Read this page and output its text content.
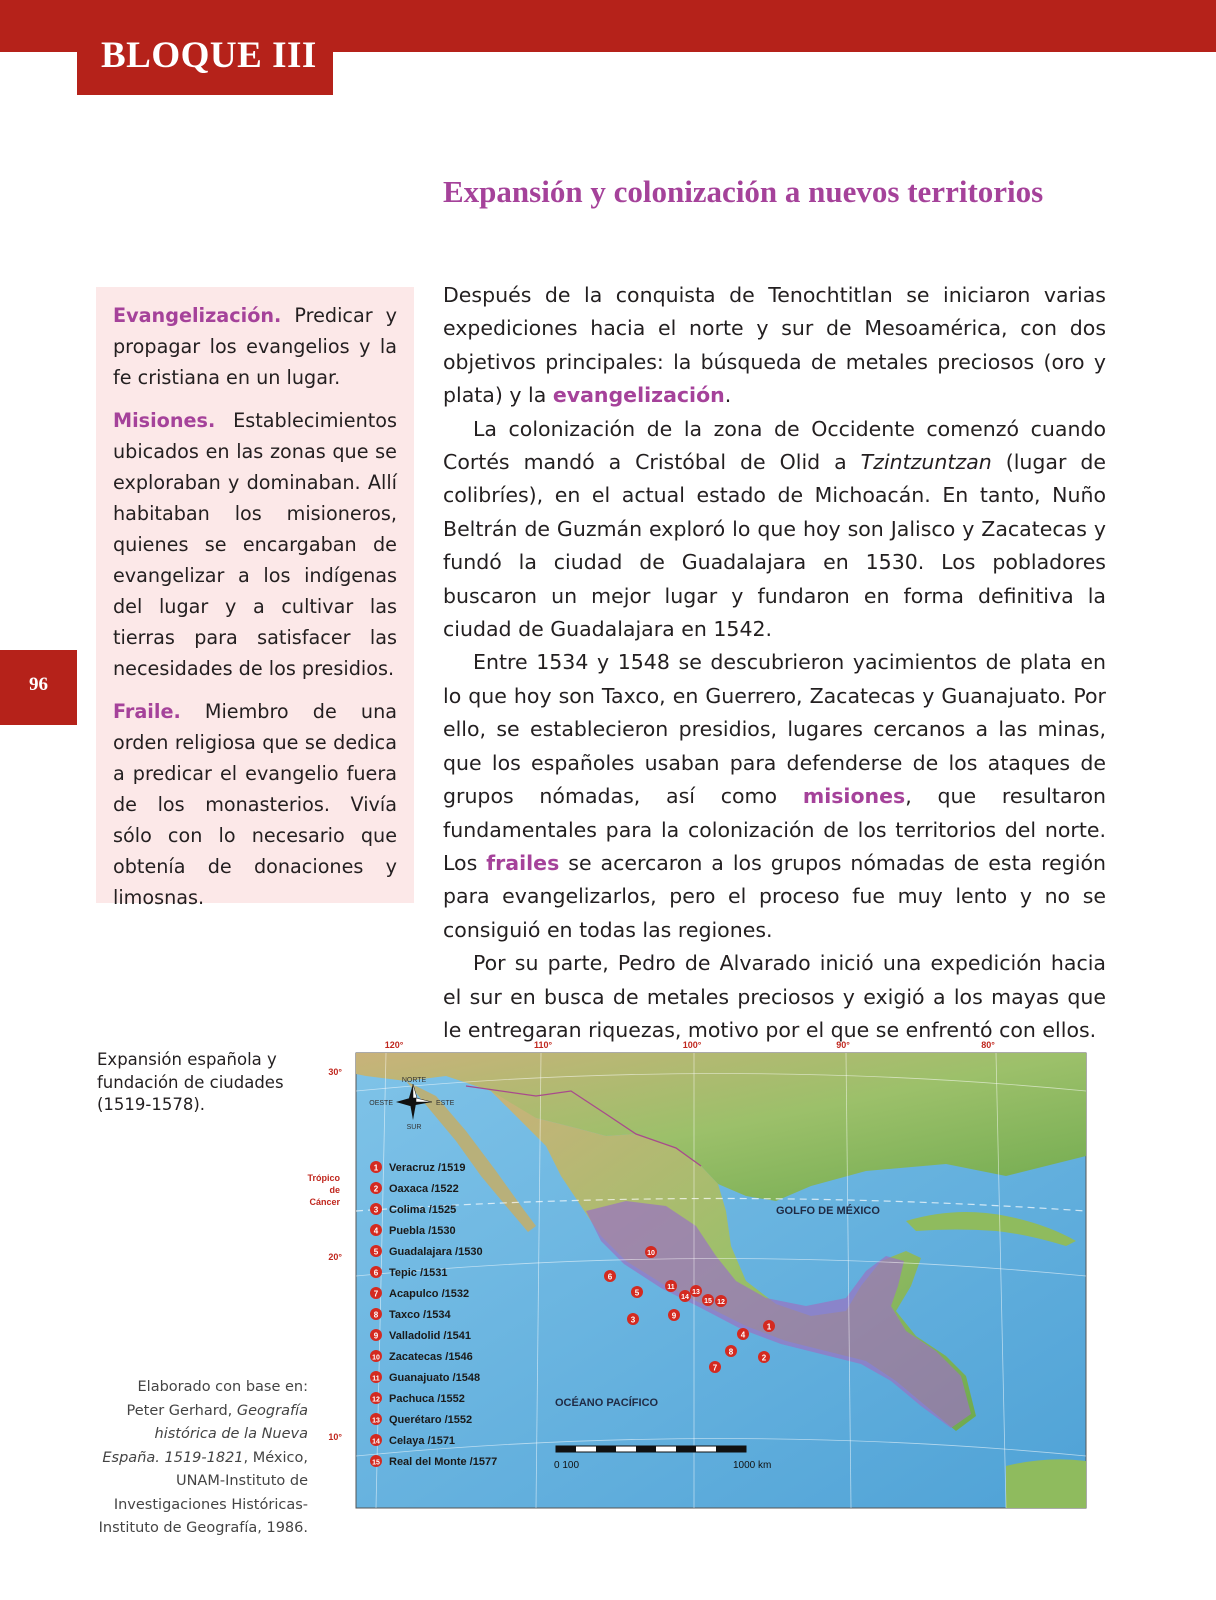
BLOQUE III
96
Expansión y colonización a nuevos territorios

Evangelización. Predicar y propagar los evangelios y la fe cristiana en un lugar.

Misiones. Establecimientos ubicados en las zonas que se exploraban y dominaban. Allí habitaban los misioneros, quienes se encargaban de evangelizar a los indígenas del lugar y a cultivar las tierras para satisfacer las necesidades de los presidios.

Fraile. Miembro de una orden religiosa que se dedica a predicar el evangelio fuera de los monasterios. Vivía sólo con lo necesario que obtenía de donaciones y limosnas.

Después de la conquista de Tenochtitlan se iniciaron varias expediciones hacia el norte y sur de Mesoamérica, con dos objetivos principales: la búsqueda de metales preciosos (oro y plata) y la evangelización.

La colonización de la zona de Occidente comenzó cuando Cortés mandó a Cristóbal de Olid a Tzintzuntzan (lugar de colibríes), en el actual estado de Michoacán. En tanto, Nuño Beltrán de Guzmán exploró lo que hoy son Jalisco y Zacatecas y fundó la ciudad de Guadalajara en 1530. Los pobladores buscaron un mejor lugar y fundaron en forma definitiva la ciudad de Guadalajara en 1542.

Entre 1534 y 1548 se descubrieron yacimientos de plata en lo que hoy son Taxco, en Guerrero, Zacatecas y Guanajuato. Por ello, se establecieron presidios, lugares cercanos a las minas, que los españoles usaban para defenderse de los ataques de grupos nómadas, así como misiones, que resultaron fundamentales para la colonización de los territorios del norte. Los frailes se acercaron a los grupos nómadas de esta región para evangelizarlos, pero el proceso fue muy lento y no se consiguió en todas las regiones.

Por su parte, Pedro de Alvarado inició una expedición hacia el sur en busca de metales preciosos y exigió a los mayas que le entregaran riquezas, motivo por el que se enfrentó con ellos.

Expansión española y fundación de ciudades (1519-1578).

Elaborado con base en: Peter Gerhard, Geografía histórica de la Nueva España. 1519-1821, México, UNAM-Instituto de Investigaciones Históricas-Instituto de Geografía, 1986.

120°	110°	100°	90°	80°
30°
20°
10°
Trópico
de
Cáncer
NORTE
SUR
ESTE
OESTE
GOLFO DE MÉXICO
OCÉANO PACÍFICO
0 100	1000 km
1 Veracruz /1519
2 Oaxaca /1522
3 Colima /1525
4 Puebla /1530
5 Guadalajara /1530
6 Tepic /1531
7 Acapulco /1532
8 Taxco /1534
9 Valladolid /1541
10 Zacatecas /1546
11 Guanajuato /1548
12 Pachuca /1552
13 Querétaro /1552
14 Celaya /1571
15 Real del Monte /1577
1
2
3
4
5
6
7
8
9
10
11
12
13
14
15
